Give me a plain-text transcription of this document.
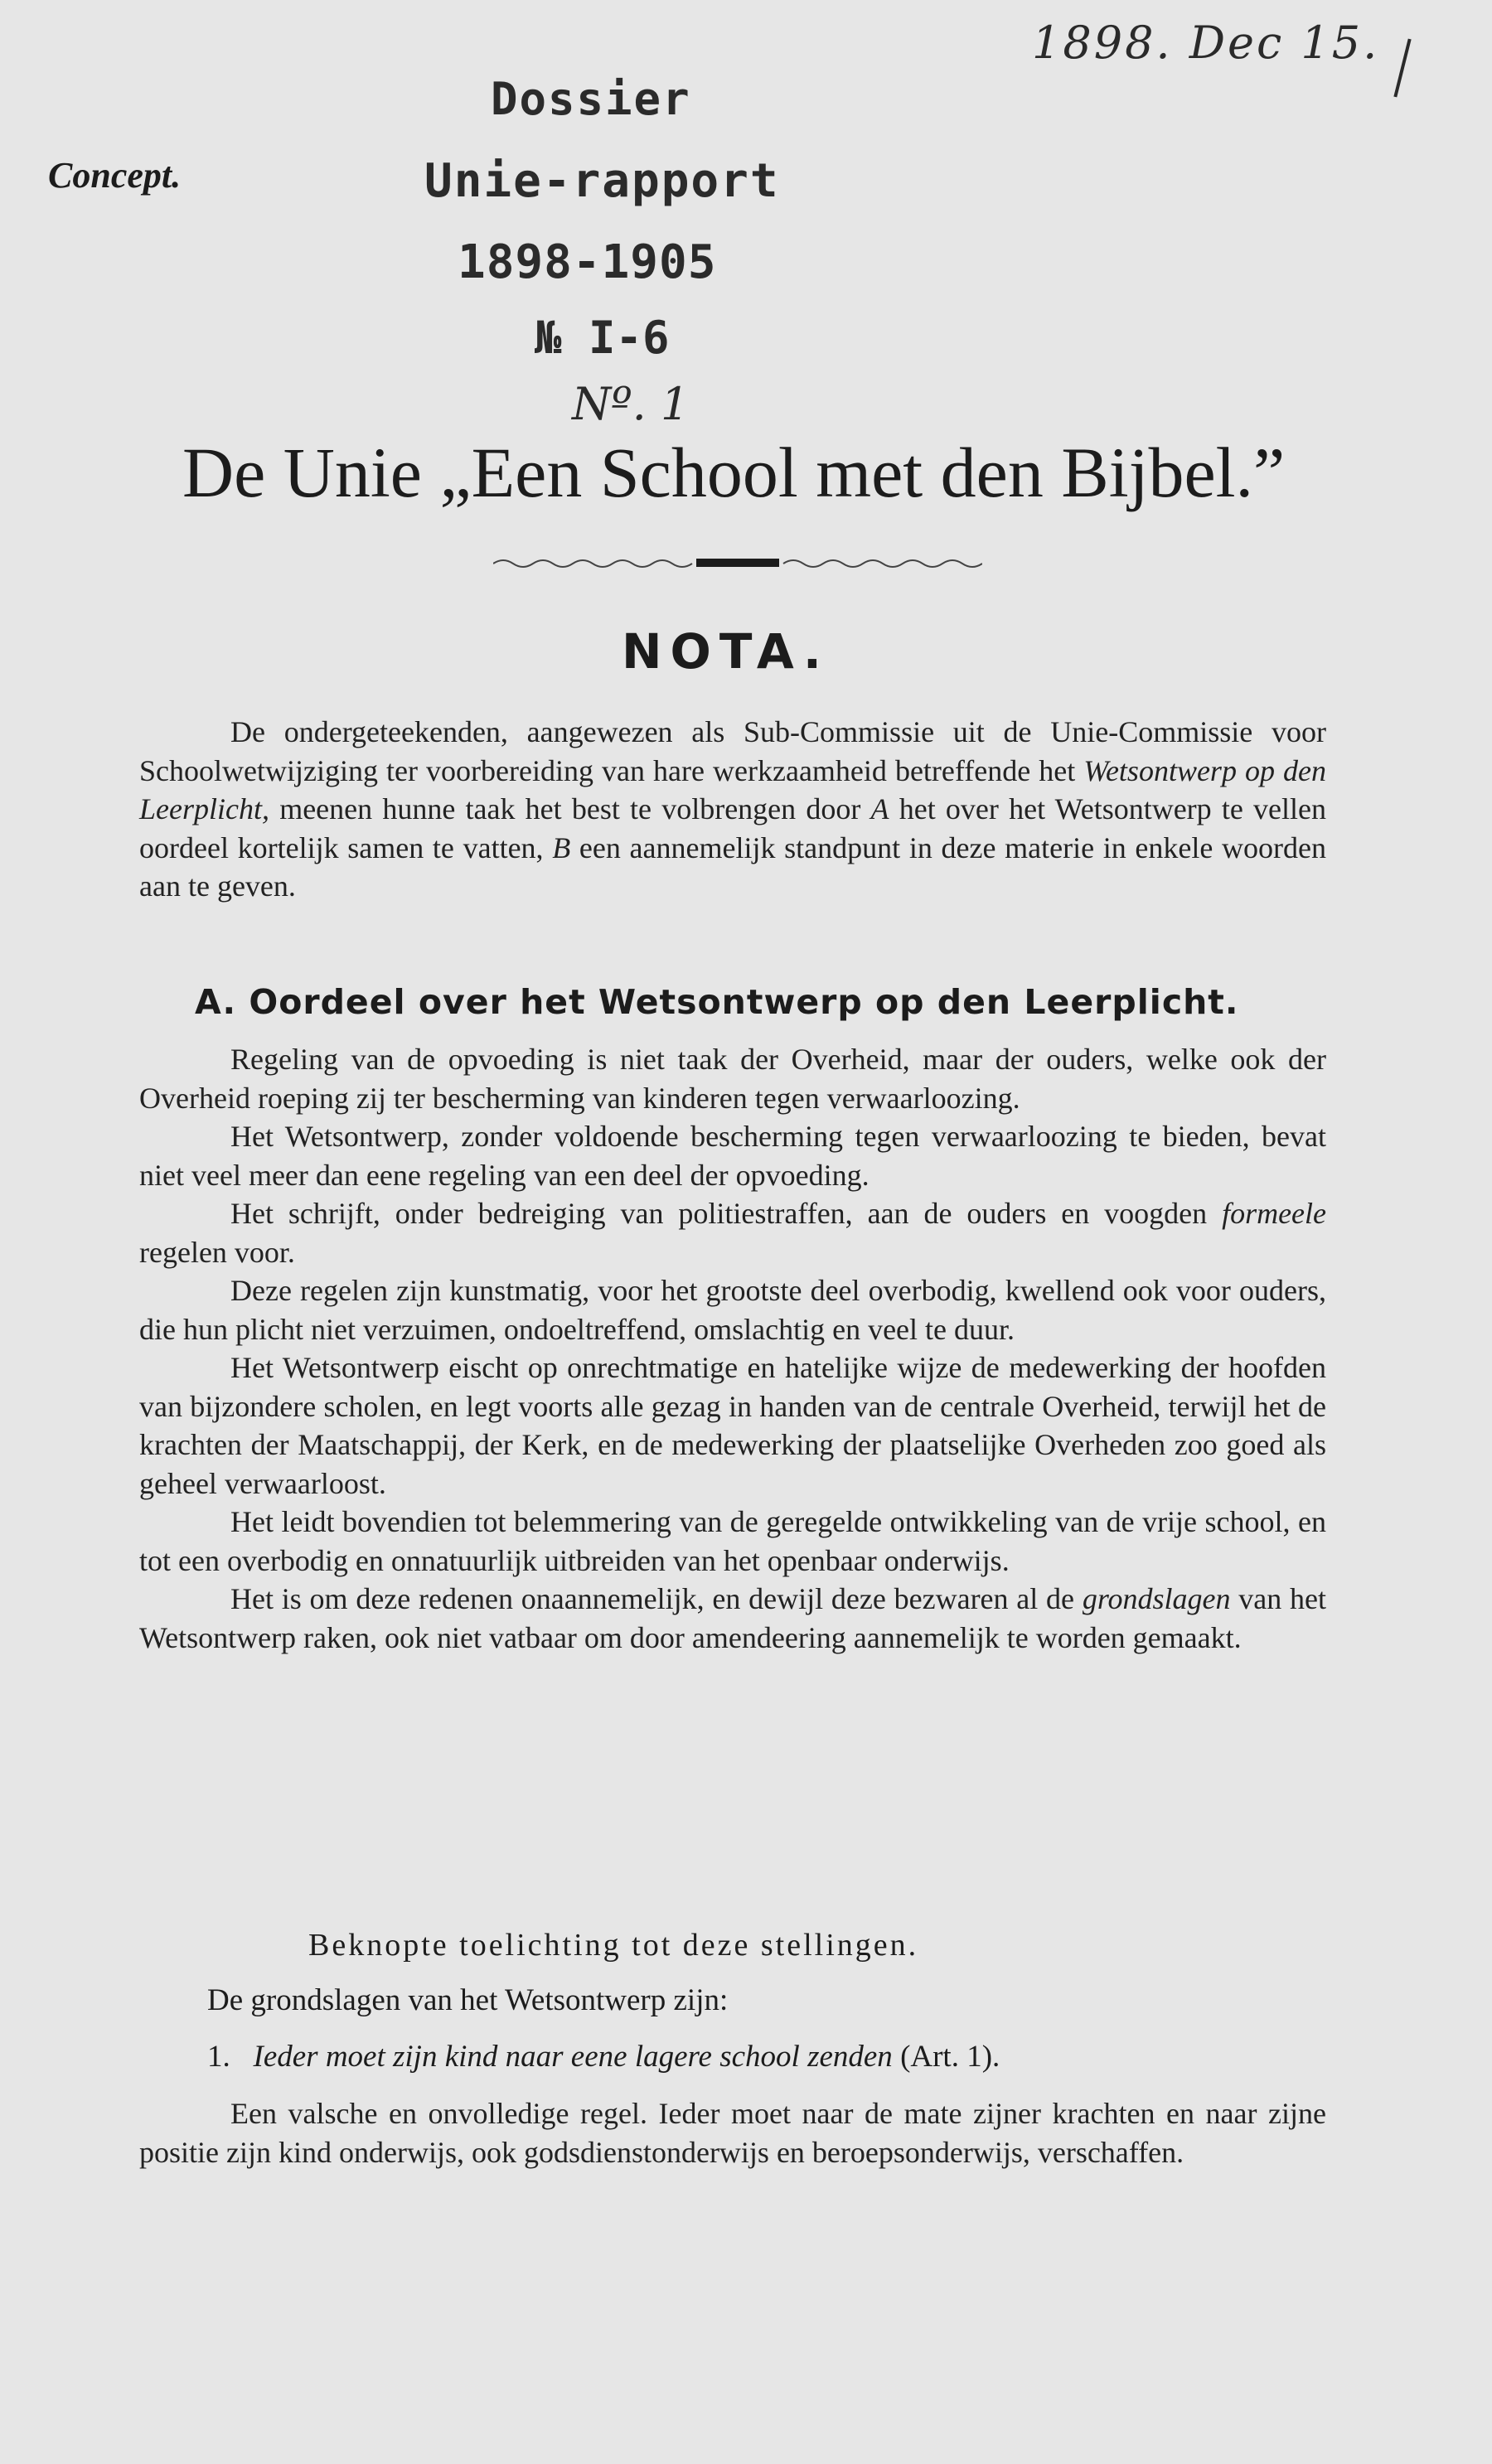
1898. Dec 15.
Concept.
Dossier
Unie-rapport
1898-1905
№ I-6
Nº. 1
De Unie „Een School met den Bijbel.”
NOTA.

De ondergeteekenden, aangewezen als Sub-Commissie uit de Unie-Commissie voor Schoolwetwijziging ter voorbereiding van hare werkzaamheid betreffende het Wetsontwerp op den Leerplicht, meenen hunne taak het best te volbrengen door A het over het Wetsontwerp te vellen oordeel kortelijk samen te vatten, B een aannemelijk standpunt in deze materie in enkele woorden aan te geven.

A. Oordeel over het Wetsontwerp op den Leerplicht.

Regeling van de opvoeding is niet taak der Overheid, maar der ouders, welke ook der Overheid roeping zij ter bescherming van kinderen tegen verwaarloozing.

Het Wetsontwerp, zonder voldoende bescherming tegen verwaarloozing te bieden, bevat niet veel meer dan eene regeling van een deel der opvoeding.

Het schrijft, onder bedreiging van politiestraffen, aan de ouders en voogden formeele regelen voor.

Deze regelen zijn kunstmatig, voor het grootste deel overbodig, kwellend ook voor ouders, die hun plicht niet verzuimen, ondoeltreffend, omslachtig en veel te duur.

Het Wetsontwerp eischt op onrechtmatige en hatelijke wijze de medewerking der hoofden van bijzondere scholen, en legt voorts alle gezag in handen van de centrale Overheid, terwijl het de krachten der Maatschappij, der Kerk, en de medewerking der plaatselijke Overheden zoo goed als geheel verwaarloost.

Het leidt bovendien tot belemmering van de geregelde ontwikkeling van de vrije school, en tot een overbodig en onnatuurlijk uitbreiden van het openbaar onderwijs.

Het is om deze redenen onaannemelijk, en dewijl deze bezwaren al de grondslagen van het Wetsontwerp raken, ook niet vatbaar om door amendeering aannemelijk te worden gemaakt.

Beknopte toelichting tot deze stellingen.
De grondslagen van het Wetsontwerp zijn:
1. Ieder moet zijn kind naar eene lagere school zenden (Art. 1).

Een valsche en onvolledige regel. Ieder moet naar de mate zijner krachten en naar zijne positie zijn kind onderwijs, ook godsdienstonderwijs en beroepsonderwijs, verschaffen.
